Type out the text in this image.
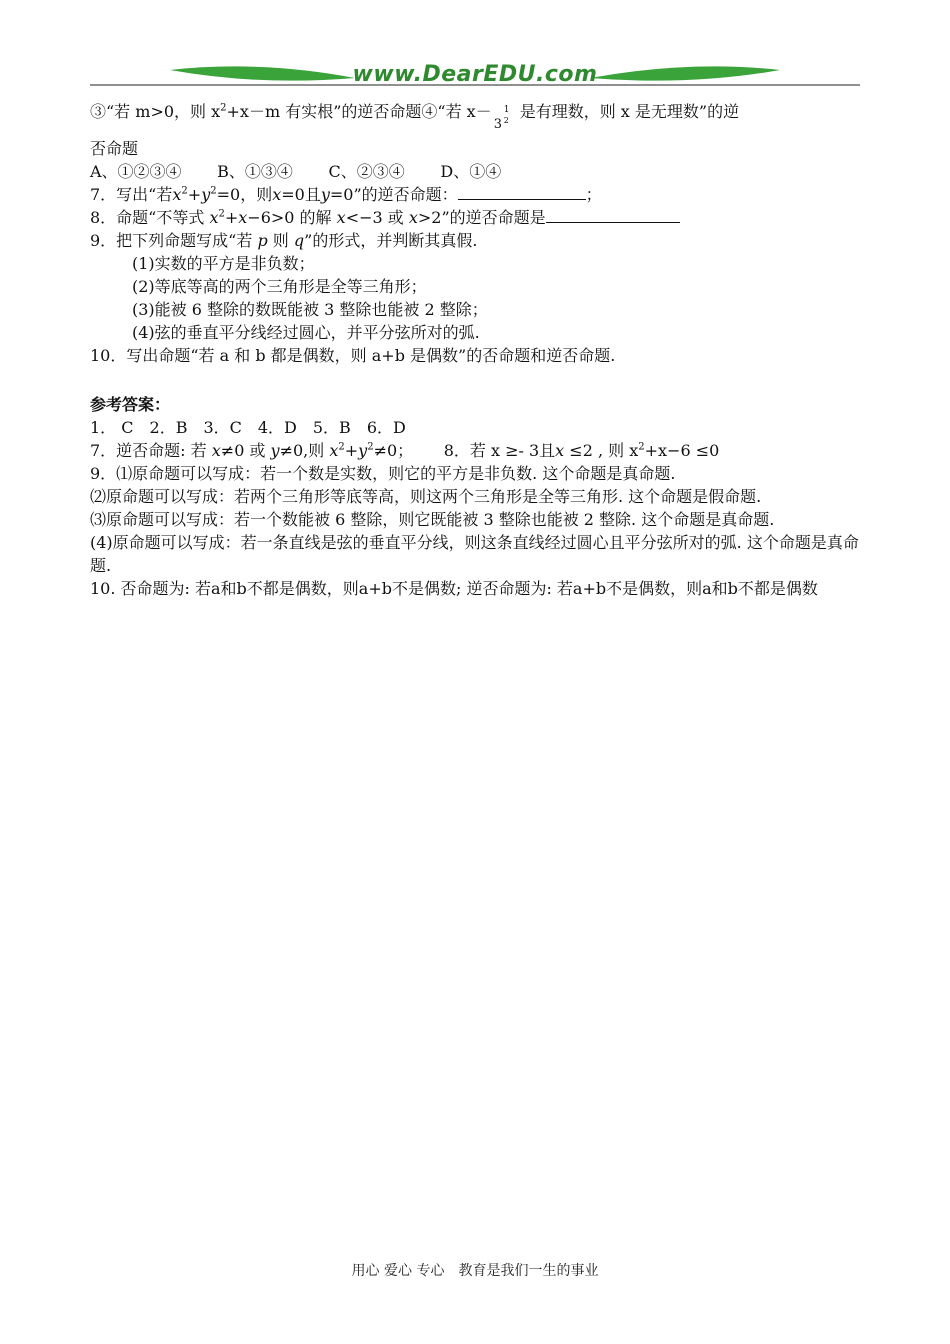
www.DearEDU.com
③“若 m>0，则 $x^2+x-m$ 有实根”的逆否命题④“若 x－ 1
3 2 是有理数，则 x 是无理数”的逆
否命题
A、①②③④ B、①③④ C、②③④ D、①④
7．写出“若$x^2+y^2=0$，则x=0且y=0”的逆否命题：	；
8．命题“不等式 $x^2+x-6>0$ 的解 x<−3 或 x>2”的逆否命题是
9．把下列命题写成“若 p 则 q”的形式，并判断其真假.
(1)实数的平方是非负数；
(2)等底等高的两个三角形是全等三角形；
(3)能被 6 整除的数既能被 3 整除也能被 2 整除；
(4)弦的垂直平分线经过圆心，并平分弦所对的弧.
10．写出命题“若 a 和 b 都是偶数，则 a+b 是偶数”的否命题和逆否命题.
参考答案：
1． C　2．B　3．C　4．D　5．B　6．D
7．逆否命题: 若 x≠0 或 y≠0,则 $x^2+y^2\ne 0$； 8．若 x ≥- 3且x ≤2 , 则 $x^2+x-6 \le 0$
9．⑴原命题可以写成：若一个数是实数，则它的平方是非负数. 这个命题是真命题.
⑵原命题可以写成：若两个三角形等底等高，则这两个三角形是全等三角形. 这个命题是假命题.
⑶原命题可以写成：若一个数能被 6 整除，则它既能被 3 整除也能被 2 整除. 这个命题是真命题.
(4)原命题可以写成：若一条直线是弦的垂直平分线，则这条直线经过圆心且平分弦所对的弧. 这个命题是真命题.
10. 否命题为: 若a和b不都是偶数，则a+b不是偶数; 逆否命题为: 若a+b不是偶数，则a和b不都是偶数
用心 爱心 专心　教育是我们一生的事业
